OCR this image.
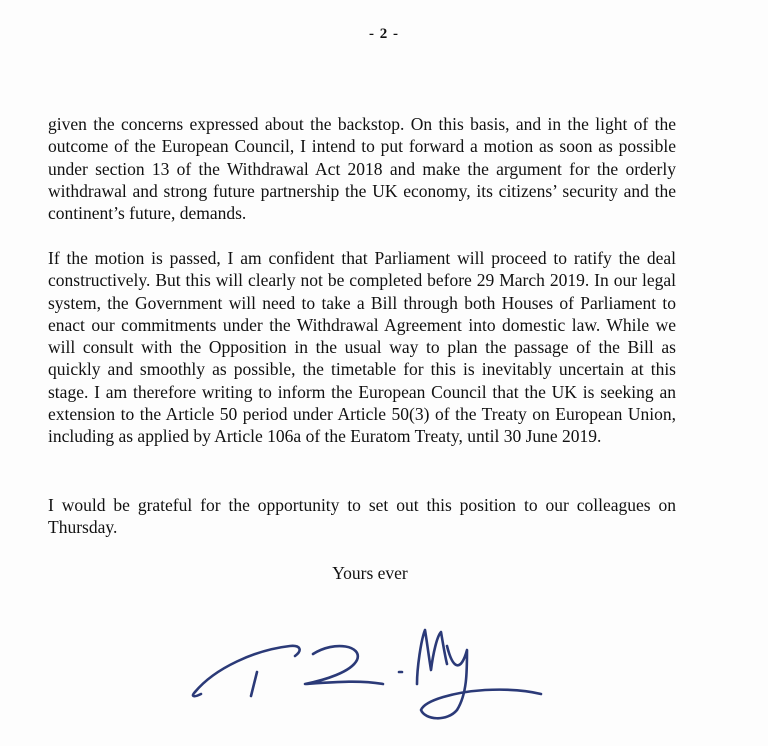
- 2 -

given the concerns expressed about the backstop. On this basis, and in the light of the outcome of the European Council, I intend to put forward a motion as soon as possible under section 13 of the Withdrawal Act 2018 and make the argument for the orderly withdrawal and strong future partnership the UK economy, its citizens’ security and the continent’s future, demands.

If the motion is passed, I am confident that Parliament will proceed to ratify the deal constructively. But this will clearly not be completed before 29 March 2019. In our legal system, the Government will need to take a Bill through both Houses of Parliament to enact our commitments under the Withdrawal Agreement into domestic law. While we will consult with the Opposition in the usual way to plan the passage of the Bill as quickly and smoothly as possible, the timetable for this is inevitably uncertain at this stage. I am therefore writing to inform the European Council that the UK is seeking an extension to the Article 50 period under Article 50(3) of the Treaty on European Union, including as applied by Article 106a of the Euratom Treaty, until 30 June 2019.

I would be grateful for the opportunity to set out this position to our colleagues on Thursday.

Yours ever
